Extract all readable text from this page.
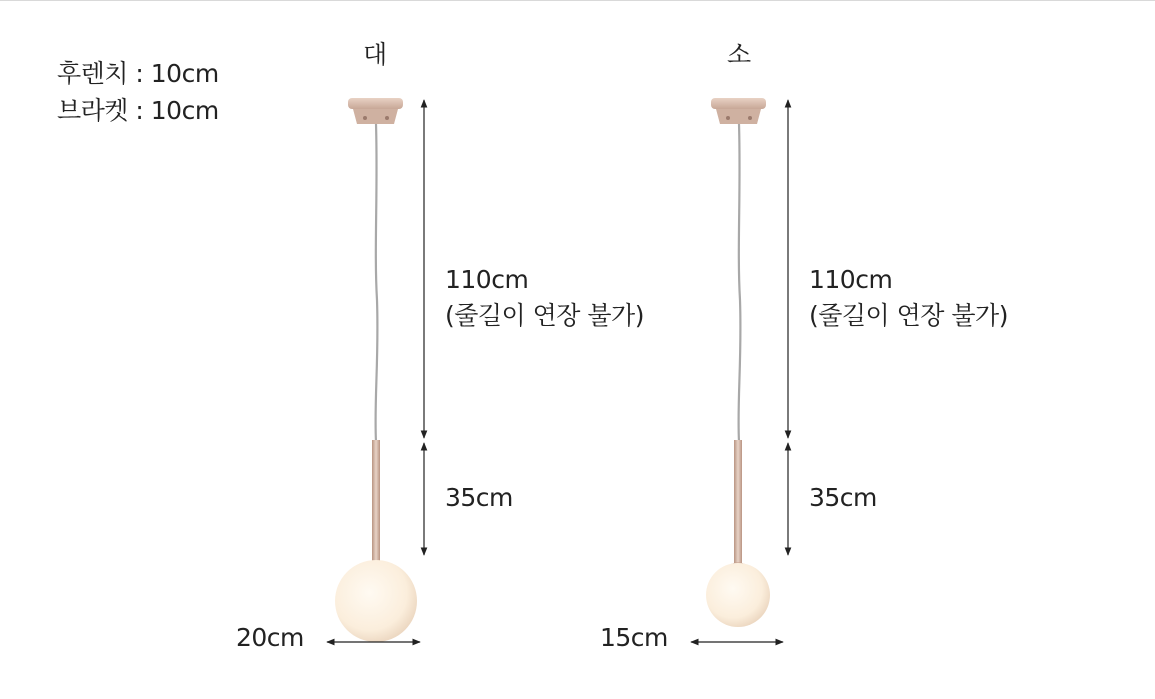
후렌치 : 10cm
브라켓 : 10cm
대	소
110cm
(줄길이 연장 불가)
35cm
20cm
110cm
(줄길이 연장 불가)
35cm
15cm
